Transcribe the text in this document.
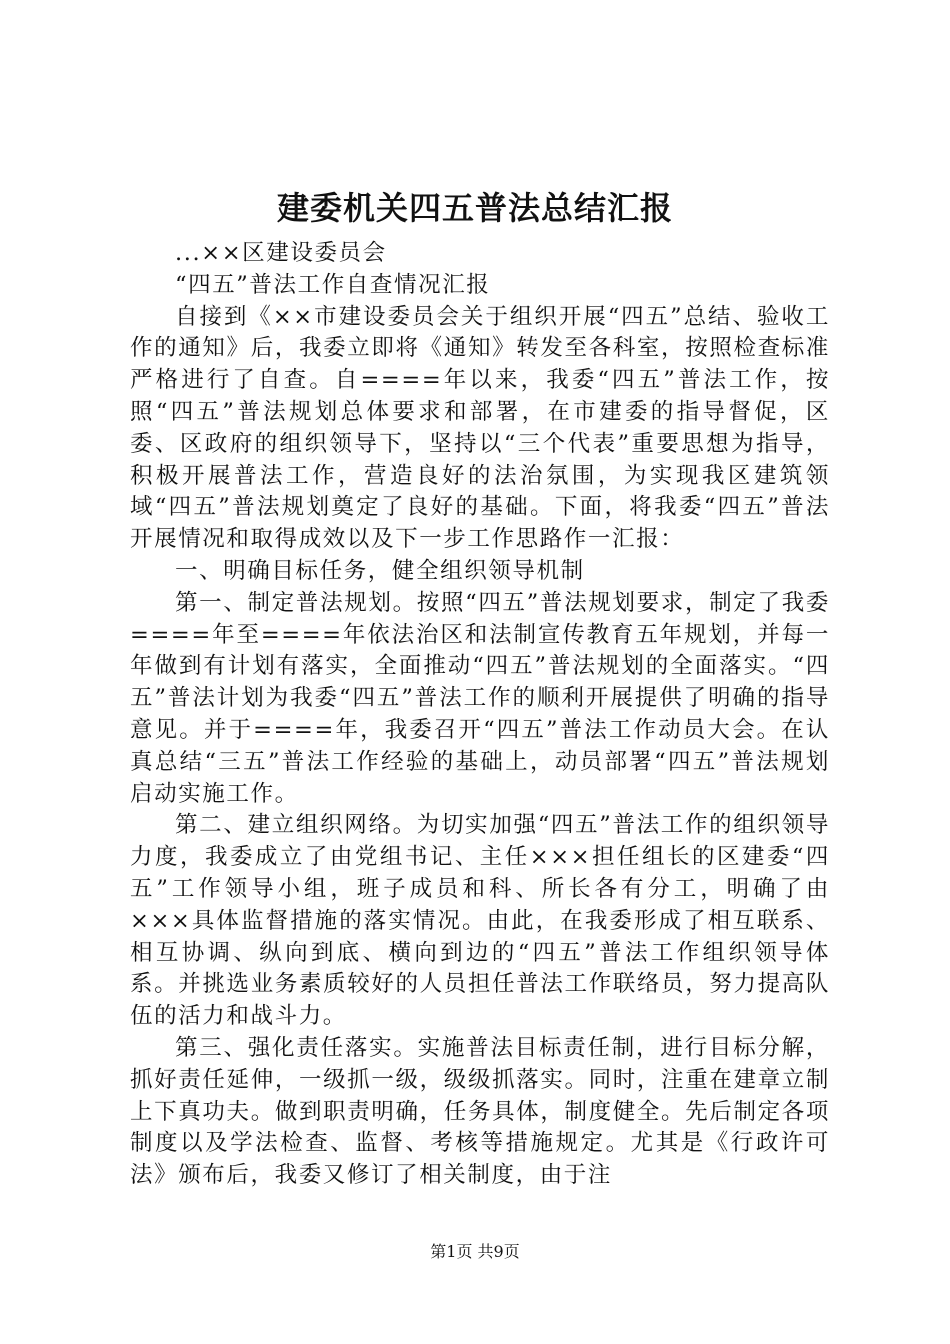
建委机关四五普法总结汇报

...××区建设委员会

“四五”普法工作自查情况汇报

自接到《××市建设委员会关于组织开展“四五”总结、验收工作的通知》后，我委立即将《通知》转发至各科室，按照检查标准严格进行了自查。自====年以来，我委“四五”普法工作，按照“四五”普法规划总体要求和部署，在市建委的指导督促，区委、区政府的组织领导下，坚持以“三个代表”重要思想为指导，积极开展普法工作，营造良好的法治氛围，为实现我区建筑领域“四五”普法规划奠定了良好的基础。下面，将我委“四五”普法开展情况和取得成效以及下一步工作思路作一汇报：

一、明确目标任务，健全组织领导机制

第一、制定普法规划。按照“四五”普法规划要求，制定了我委====年至====年依法治区和法制宣传教育五年规划，并每一年做到有计划有落实，全面推动“四五”普法规划的全面落实。“四五”普法计划为我委“四五”普法工作的顺利开展提供了明确的指导意见。并于====年，我委召开“四五”普法工作动员大会。在认真总结“三五”普法工作经验的基础上，动员部署“四五”普法规划启动实施工作。

第二、建立组织网络。为切实加强“四五”普法工作的组织领导力度，我委成立了由党组书记、主任×××担任组长的区建委“四五”工作领导小组，班子成员和科、所长各有分工，明确了由×××具体监督措施的落实情况。由此，在我委形成了相互联系、相互协调、纵向到底、横向到边的“四五”普法工作组织领导体系。并挑选业务素质较好的人员担任普法工作联络员，努力提高队伍的活力和战斗力。

第三、强化责任落实。实施普法目标责任制，进行目标分解，抓好责任延伸，一级抓一级，级级抓落实。同时，注重在建章立制上下真功夫。做到职责明确，任务具体，制度健全。先后制定各项制度以及学法检查、监督、考核等措施规定。尤其是《行政许可法》颁布后，我委又修订了相关制度，由于注

第1页 共9页
